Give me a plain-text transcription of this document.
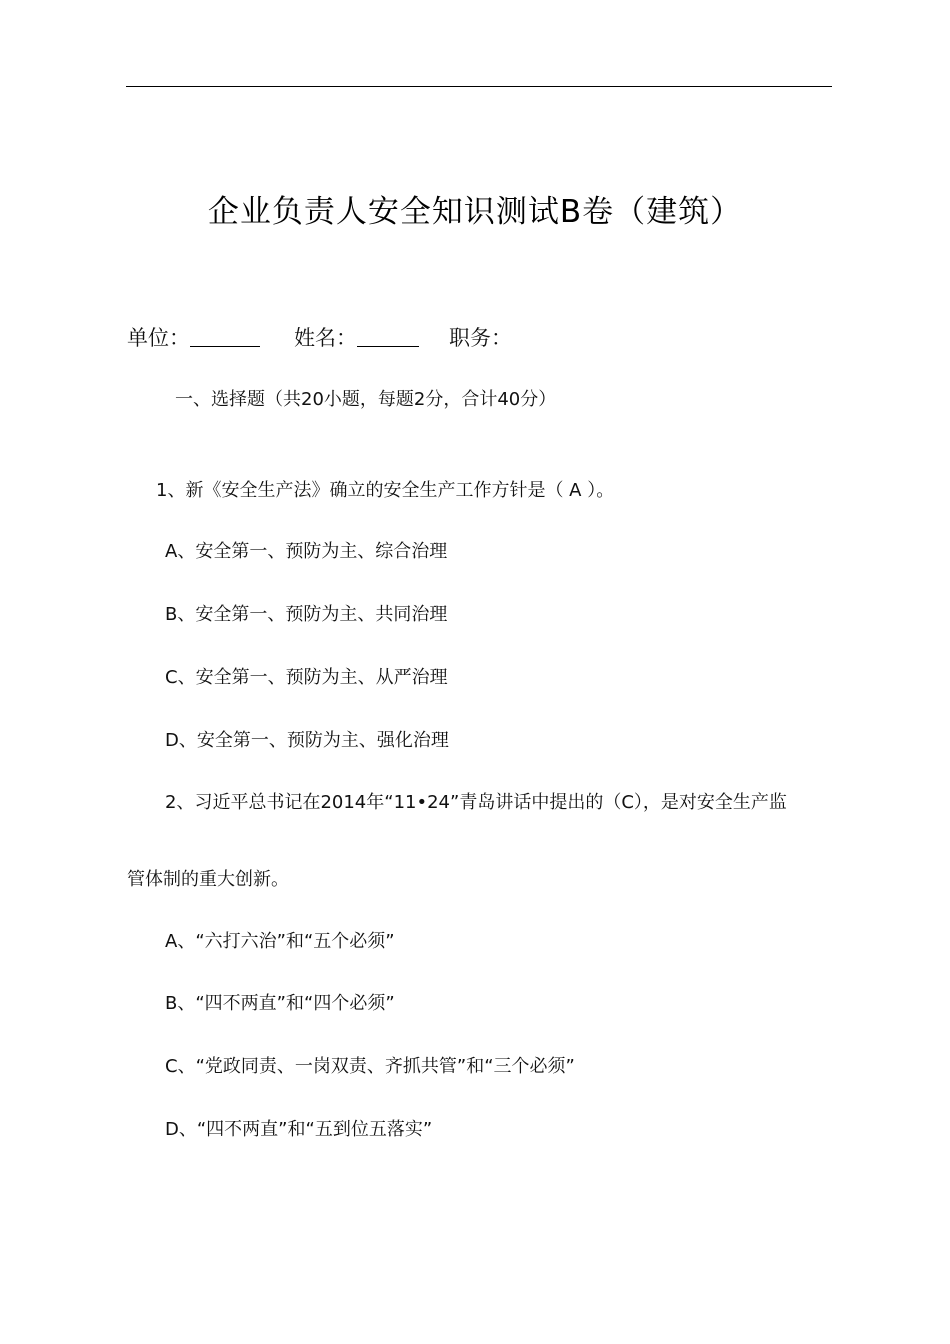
企业负责人安全知识测试B卷（建筑）
单位：	姓名：	职务：
一、选择题（共20小题，每题2分，合计40分）
1、新《安全生产法》确立的安全生产工作方针是（ A ）。
A、安全第一、预防为主、综合治理
B、安全第一、预防为主、共同治理
C、安全第一、预防为主、从严治理
D、安全第一、预防为主、强化治理
2、习近平总书记在2014年“11•24”青岛讲话中提出的（C），是对安全生产监
管体制的重大创新。
A、“六打六治”和“五个必须”
B、“四不两直”和“四个必须”
C、“党政同责、一岗双责、齐抓共管”和“三个必须”
D、“四不两直”和“五到位五落实”
